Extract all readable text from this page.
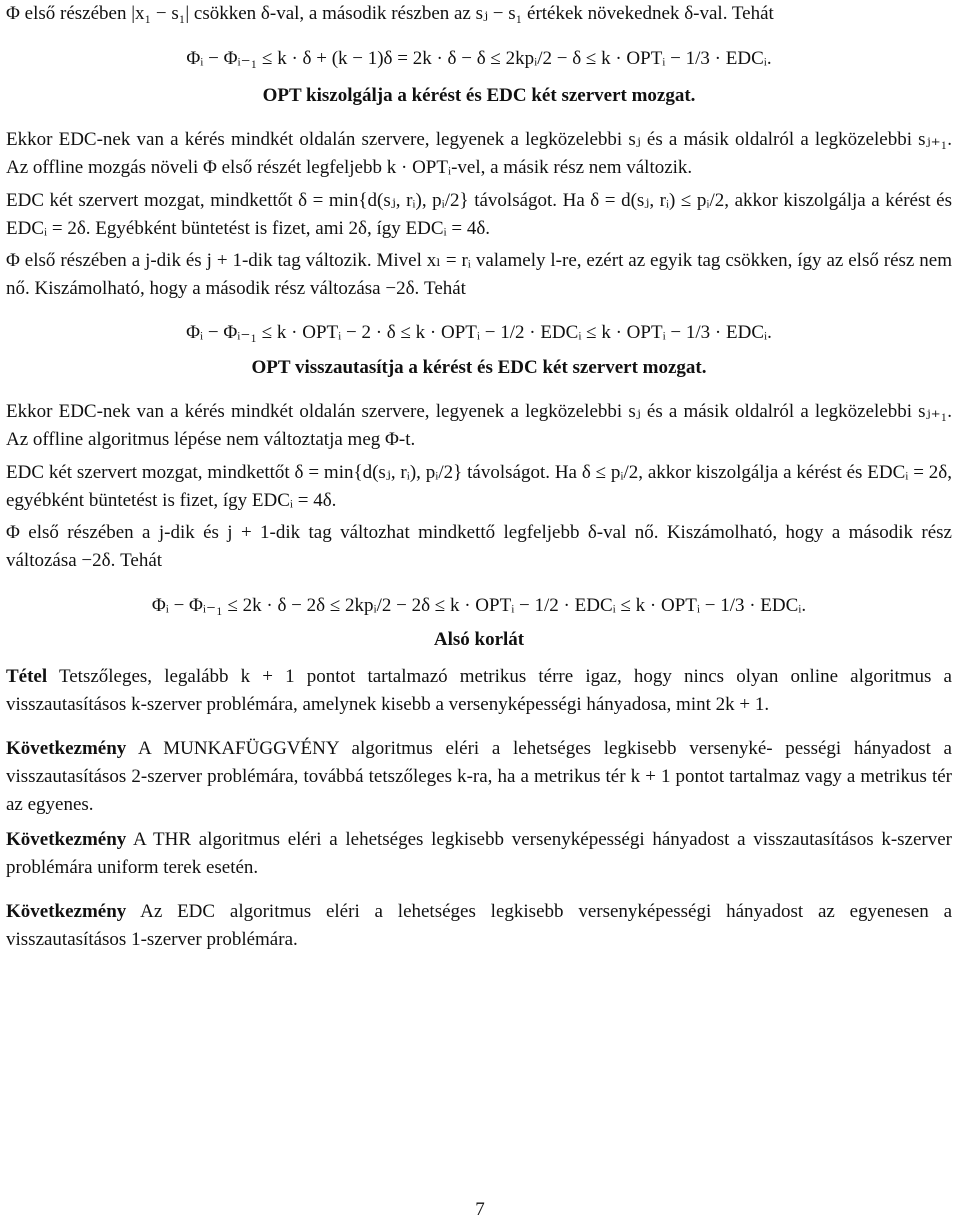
Φ első részében |x₁ − s₁| csökken δ-val, a második részben az sⱼ − s₁ értékek növekednek δ-val. Tehát

Φᵢ − Φᵢ₋₁ ≤ k · δ + (k − 1)δ = 2k · δ − δ ≤ 2kpᵢ/2 − δ ≤ k · OPTᵢ − 1/3 · EDCᵢ.

OPT kiszolgálja a kérést és EDC két szervert mozgat.

Ekkor EDC-nek van a kérés mindkét oldalán szervere, legyenek a legközelebbi sⱼ és a másik oldalról a legközelebbi sⱼ₊₁. Az offline mozgás növeli Φ első részét legfeljebb k · OPTᵢ-vel, a másik rész nem változik.

EDC két szervert mozgat, mindkettőt δ = min{d(sⱼ, rᵢ), pᵢ/2} távolságot. Ha δ = d(sⱼ, rᵢ) ≤ pᵢ/2, akkor kiszolgálja a kérést és EDCᵢ = 2δ. Egyébként büntetést is fizet, ami 2δ, így EDCᵢ = 4δ.

Φ első részében a j-dik és j + 1-dik tag változik. Mivel xₗ = rᵢ valamely l-re, ezért az egyik tag csökken, így az első rész nem nő. Kiszámolható, hogy a második rész változása −2δ. Tehát

Φᵢ − Φᵢ₋₁ ≤ k · OPTᵢ − 2 · δ ≤ k · OPTᵢ − 1/2 · EDCᵢ ≤ k · OPTᵢ − 1/3 · EDCᵢ.

OPT visszautasítja a kérést és EDC két szervert mozgat.

Ekkor EDC-nek van a kérés mindkét oldalán szervere, legyenek a legközelebbi sⱼ és a másik oldalról a legközelebbi sⱼ₊₁. Az offline algoritmus lépése nem változtatja meg Φ-t.

EDC két szervert mozgat, mindkettőt δ = min{d(sⱼ, rᵢ), pᵢ/2} távolságot. Ha δ ≤ pᵢ/2, akkor kiszolgálja a kérést és EDCᵢ = 2δ, egyébként büntetést is fizet, így EDCᵢ = 4δ.

Φ első részében a j-dik és j + 1-dik tag változhat mindkettő legfeljebb δ-val nő. Kiszámolható, hogy a második rész változása −2δ. Tehát

Φᵢ − Φᵢ₋₁ ≤ 2k · δ − 2δ ≤ 2kpᵢ/2 − 2δ ≤ k · OPTᵢ − 1/2 · EDCᵢ ≤ k · OPTᵢ − 1/3 · EDCᵢ.

Alsó korlát

Tétel Tetszőleges, legalább k + 1 pontot tartalmazó metrikus térre igaz, hogy nincs olyan online algoritmus a visszautasításos k-szerver problémára, amelynek kisebb a versenyképességi hányadosa, mint 2k + 1.

Következmény A MUNKAFÜGGVÉNY algoritmus eléri a lehetséges legkisebb versenyké- pességi hányadost a visszautasításos 2-szerver problémára, továbbá tetszőleges k-ra, ha a metrikus tér k + 1 pontot tartalmaz vagy a metrikus tér az egyenes.

Következmény A THR algoritmus eléri a lehetséges legkisebb versenyképességi hányadost a visszautasításos k-szerver problémára uniform terek esetén.

Következmény Az EDC algoritmus eléri a lehetséges legkisebb versenyképességi hányadost az egyenesen a visszautasításos 1-szerver problémára.

7
